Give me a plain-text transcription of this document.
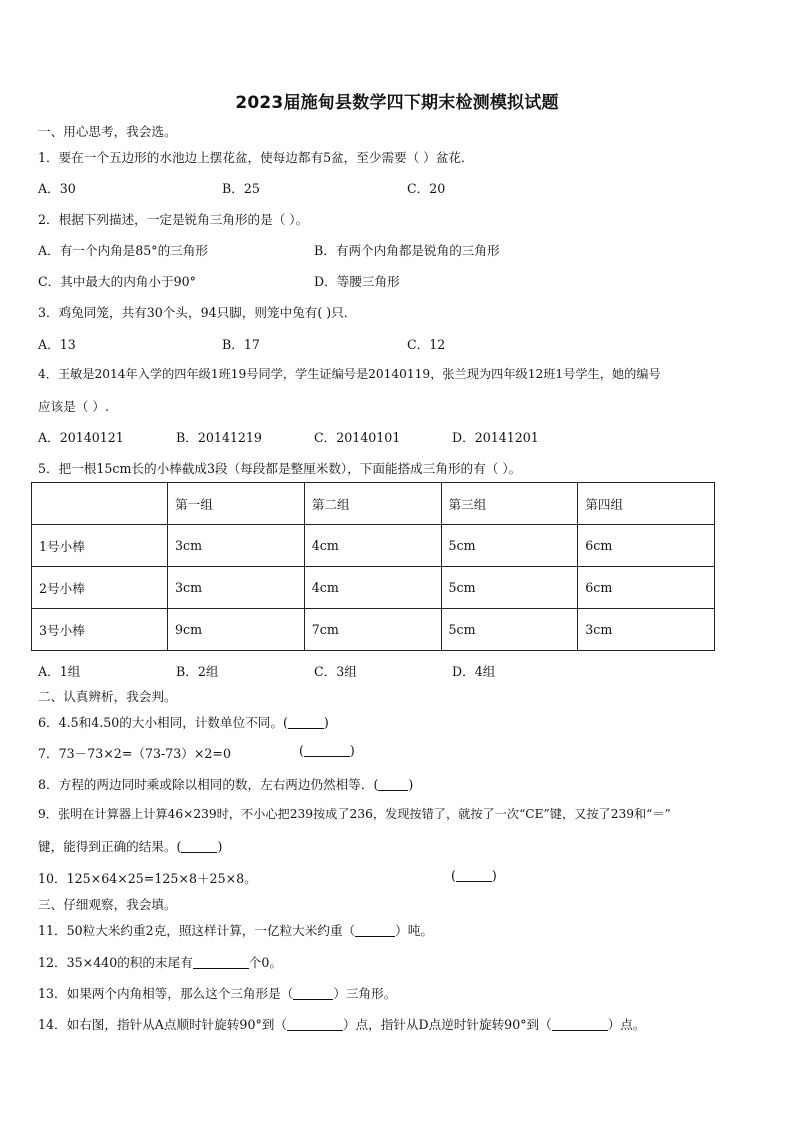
2023届施甸县数学四下期末检测模拟试题
一、用心思考，我会选。
1．要在一个五边形的水池边上摆花盆，使每边都有5盆，至少需要（ ）盆花．
A．30	B．25	C．20
2．根据下列描述，一定是锐角三角形的是（ ）。
A．有一个内角是85°的三角形	B．有两个内角都是锐角的三角形
C．其中最大的内角小于90°	D．等腰三角形
3．鸡兔同笼，共有30个头，94只脚，则笼中兔有( )只．
A．13	B．17	C．12
4．王敏是2014年入学的四年级1班19号同学，学生证编号是20140119，张兰现为四年级12班1号学生，她的编号
应该是（ ）.
A．20140121	B．20141219	C．20140101	D．20141201
5．把一根15cm长的小棒截成3段（每段都是整厘米数），下面能搭成三角形的有（ ）。
	第一组	第二组	第三组	第四组
1号小棒	3cm	4cm	5cm	6cm
2号小棒	3cm	4cm	5cm	6cm
3号小棒	9cm	7cm	5cm	3cm
A．1组	B．2组	C．3组	D．4组
二、认真辨析，我会判。
6．4.5和4.50的大小相同，计数单位不同。(	)
7．73－73×2=（73-73）×2=0	(	)
8．方程的两边同时乘或除以相同的数，左右两边仍然相等．( )
9．张明在计算器上计算46×239时，不小心把239按成了236，发现按错了，就按了一次“CE”键，又按了239和“＝”
键，能得到正确的结果。(	)
10．125×64×25=125×8＋25×8。	(	)
三、仔细观察，我会填。
11．50粒大米约重2克，照这样计算，一亿粒大米约重（	）吨。
12．35×440的积的末尾有	个0。
13．如果两个内角相等，那么这个三角形是（	）三角形。
14．如右图，指针从A点顺时针旋转90°到（	）点，指针从D点逆时针旋转90°到（	）点。
